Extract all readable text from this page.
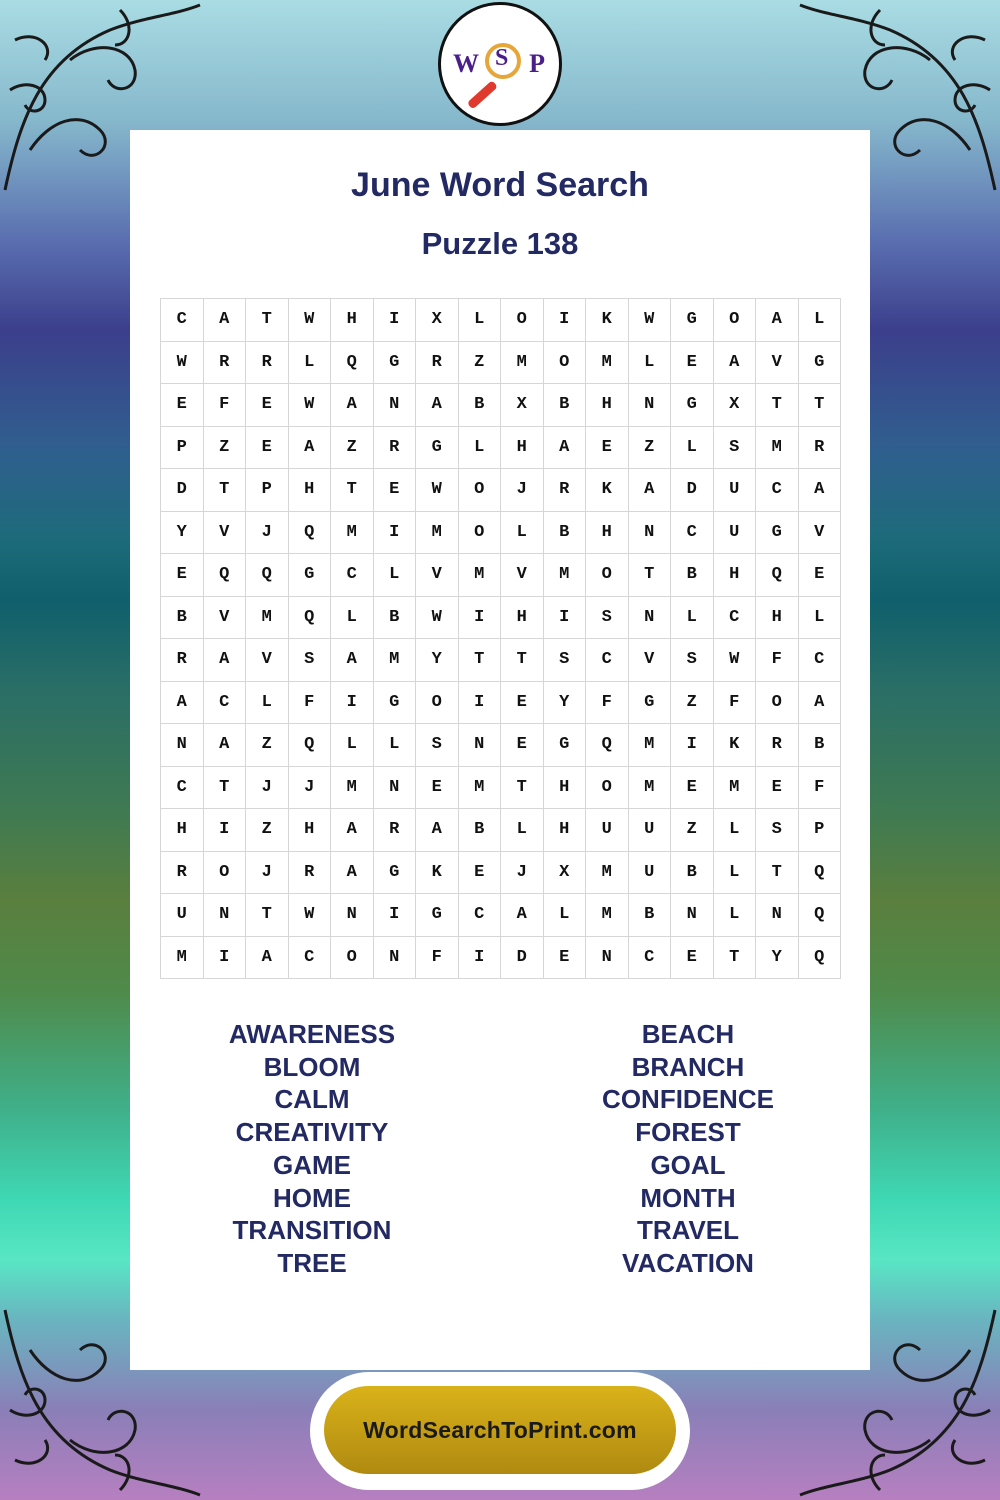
W S P
June Word Search
Puzzle 138
C	A	T	W	H	I	X	L	O	I	K	W	G	O	A	L
W	R	R	L	Q	G	R	Z	M	O	M	L	E	A	V	G
E	F	E	W	A	N	A	B	X	B	H	N	G	X	T	T
P	Z	E	A	Z	R	G	L	H	A	E	Z	L	S	M	R
D	T	P	H	T	E	W	O	J	R	K	A	D	U	C	A
Y	V	J	Q	M	I	M	O	L	B	H	N	C	U	G	V
E	Q	Q	G	C	L	V	M	V	M	O	T	B	H	Q	E
B	V	M	Q	L	B	W	I	H	I	S	N	L	C	H	L
R	A	V	S	A	M	Y	T	T	S	C	V	S	W	F	C
A	C	L	F	I	G	O	I	E	Y	F	G	Z	F	O	A
N	A	Z	Q	L	L	S	N	E	G	Q	M	I	K	R	B
C	T	J	J	M	N	E	M	T	H	O	M	E	M	E	F
H	I	Z	H	A	R	A	B	L	H	U	U	Z	L	S	P
R	O	J	R	A	G	K	E	J	X	M	U	B	L	T	Q
U	N	T	W	N	I	G	C	A	L	M	B	N	L	N	Q
M	I	A	C	O	N	F	I	D	E	N	C	E	T	Y	Q
AWARENESS
BLOOM
CALM
CREATIVITY
GAME
HOME
TRANSITION
TREE
BEACH
BRANCH
CONFIDENCE
FOREST
GOAL
MONTH
TRAVEL
VACATION
WordSearchToPrint.com
